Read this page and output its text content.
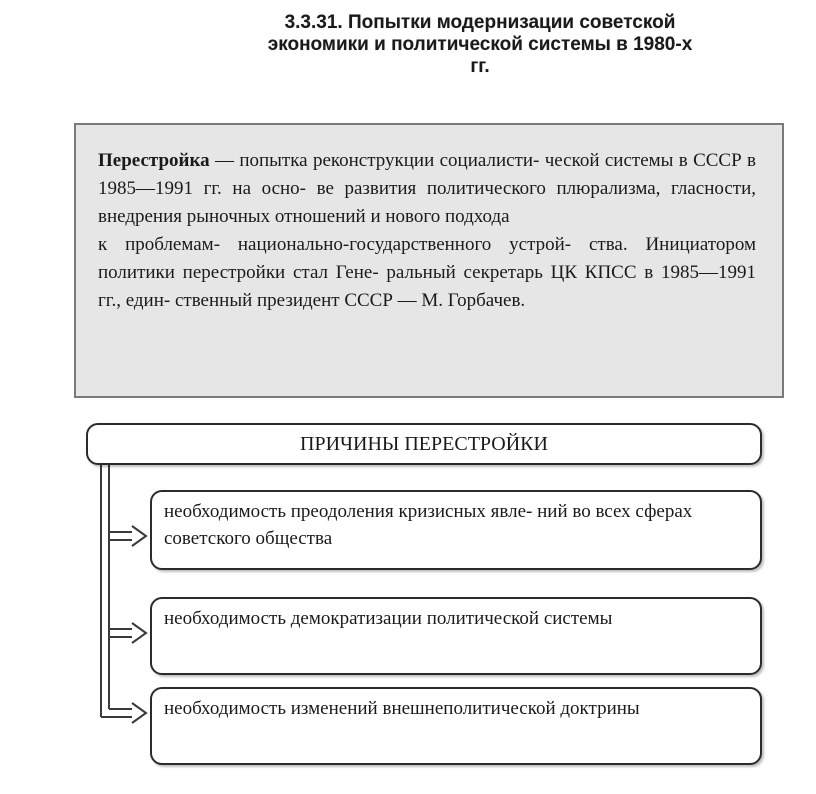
3.3.31. Попытки модернизации советской
экономики и политической системы в 1980-х
гг.

Перестройка — попытка реконструкции социалисти- ческой системы в СССР в 1985—1991 гг. на осно- ве развития политического плюрализма, гласности, внедрения рыночных отношений и нового подхода

к проблемам- национально-государственного устрой- ства. Инициатором политики перестройки стал Гене- ральный секретарь ЦК КПСС в 1985—1991 гг., един- ственный президент СССР — М. Горбачев.

ПРИЧИНЫ ПЕРЕСТРОЙКИ
необходимость преодоления кризисных явле- ний во всех сферах советского общества
необходимость демократизации политической системы
необходимость изменений внешнеполитической доктрины
